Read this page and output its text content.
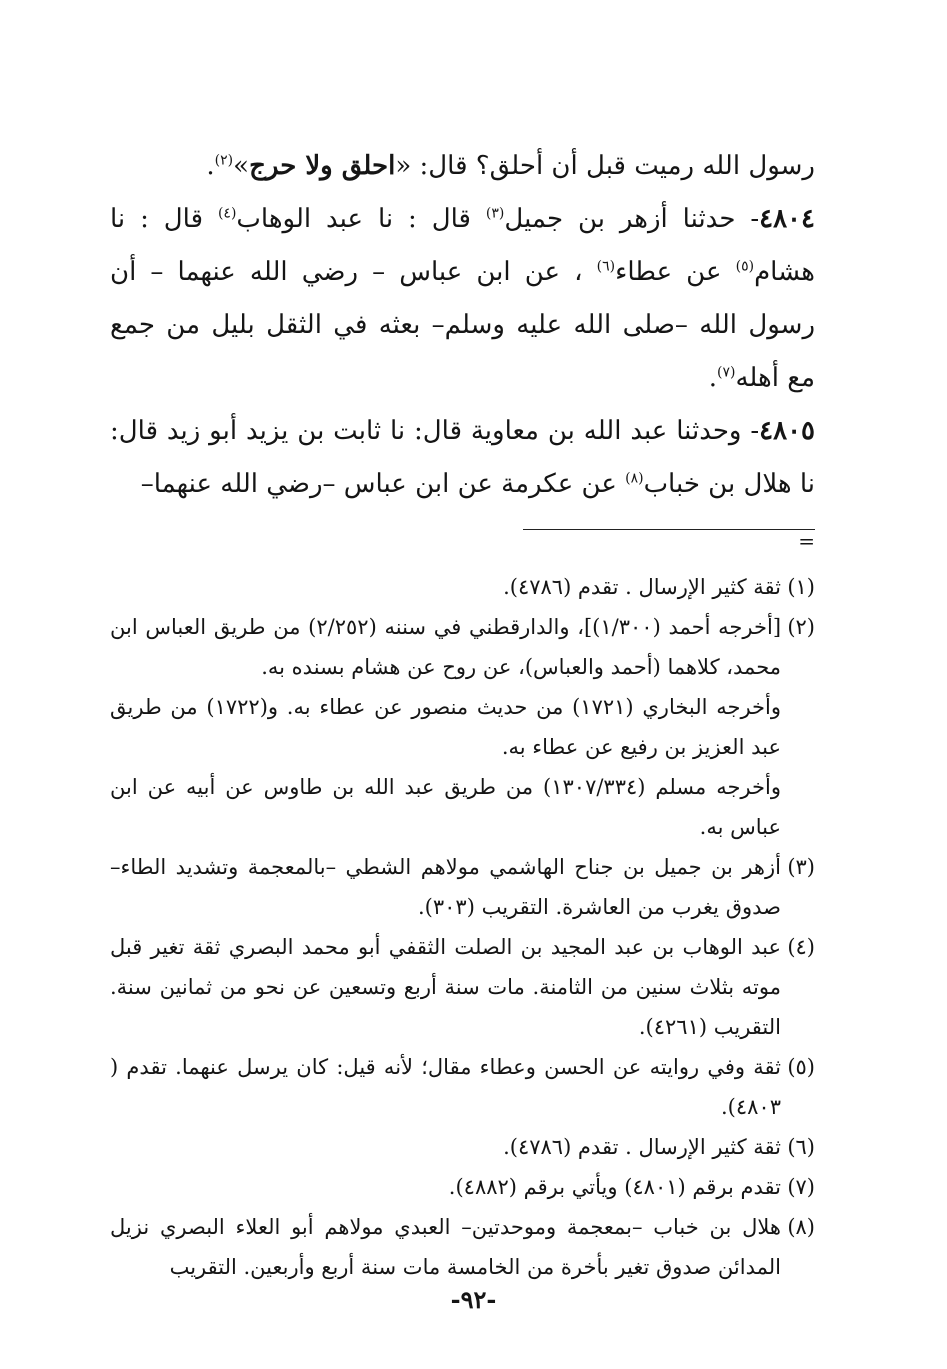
رسول الله رميت قبل أن أحلق؟ قال: «احلق ولا حرج»$^{(٢)}$.

٤٨٠٤- حدثنا أزهر بن جميل$^{(٣)}$ قال : نا عبد الوهاب$^{(٤)}$ قال : نا هشام$^{(٥)}$ عن عطاء$^{(٦)}$ ، عن ابن عباس – رضي الله عنهما – أن رسول الله –صلى الله عليه وسلم– بعثه في الثقل بليل من جمع مع أهله$^{(٧)}$.

٤٨٠٥- وحدثنا عبد الله بن معاوية قال: نا ثابت بن يزيد أبو زيد قال: نا هلال بن خباب$^{(٨)}$ عن عكرمة عن ابن عباس –رضي الله عنهما–

=
(١)
ثقة كثير الإرسال . تقدم (٤٧٨٦).
(٢)
[أخرجه أحمد (١/٣٠٠)]، والدارقطني في سننه (٢/٢٥٢) من طريق العباس ابن محمد، كلاهما (أحمد والعباس)، عن روح عن هشام بسنده به.
وأخرجه البخاري (١٧٢١) من حديث منصور عن عطاء به. و(١٧٢٢) من طريق عبد العزيز بن رفيع عن عطاء به.
وأخرجه مسلم (١٣٠٧/٣٣٤) من طريق عبد الله بن طاوس عن أبيه عن ابن عباس به.
(٣)
أزهر بن جميل بن جناح الهاشمي مولاهم الشطي –بالمعجمة وتشديد الطاء– صدوق يغرب من العاشرة. التقريب (٣٠٣).
(٤)
عبد الوهاب بن عبد المجيد بن الصلت الثقفي أبو محمد البصري ثقة تغير قبل موته بثلاث سنين من الثامنة. مات سنة أربع وتسعين عن نحو من ثمانين سنة. التقريب (٤٢٦١).
(٥)
ثقة وفي روايته عن الحسن وعطاء مقال؛ لأنه قيل: كان يرسل عنهما. تقدم ( ٤٨٠٣).
(٦)
ثقة كثير الإرسال . تقدم (٤٧٨٦).
(٧)
تقدم برقم (٤٨٠١) ويأتي برقم (٤٨٨٢).
(٨)
هلال بن خباب –بمعجمة وموحدتين– العبدي مولاهم أبو العلاء البصري نزيل المدائن صدوق تغير بأخرة من الخامسة مات سنة أربع وأربعين. التقريب
-٩٢-
